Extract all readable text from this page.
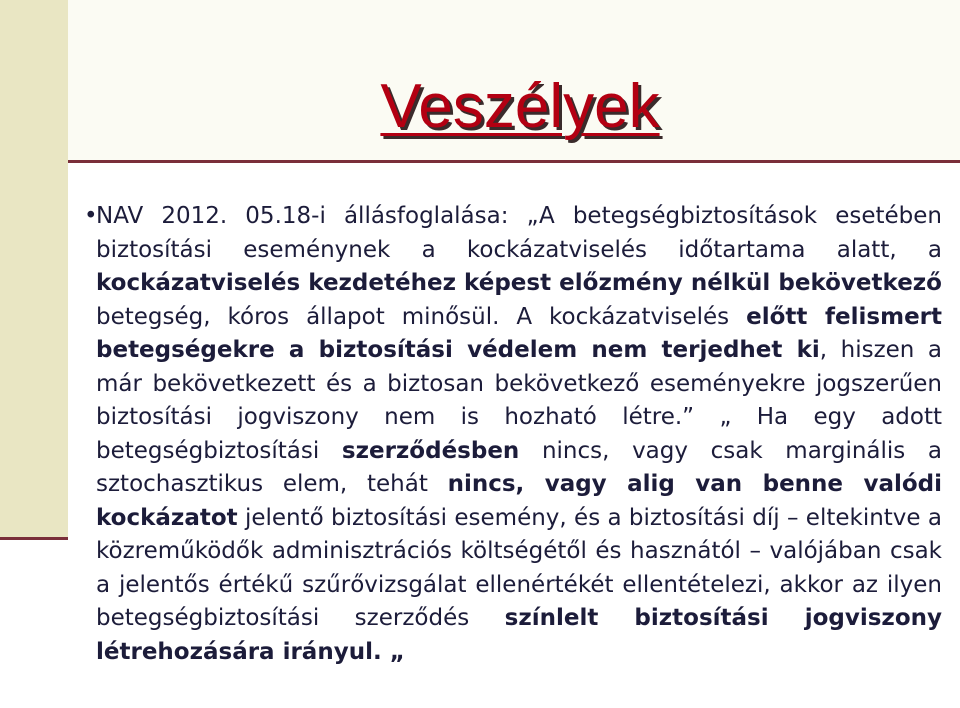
Veszélyek
•

NAV 2012. 05.18-i állásfoglalása: „A betegségbiztosítások esetében biztosítási eseménynek a kockázatviselés időtartama alatt, a kockázatviselés kezdetéhez képest előzmény nélkül bekövetkező betegség, kóros állapot minősül. A kockázatviselés előtt felismert betegségekre a biztosítási védelem nem terjedhet ki, hiszen a már bekövetkezett és a biztosan bekövetkező eseményekre jogszerűen biztosítási jogviszony nem is hozható létre.” „ Ha egy adott betegségbiztosítási szerződésben nincs, vagy csak marginális a sztochasztikus elem, tehát nincs, vagy alig van benne valódi kockázatot jelentő biztosítási esemény, és a biztosítási díj – eltekintve a közreműködők adminisztrációs költségétől és hasznától – valójában csak a jelentős értékű szűrővizsgálat ellenértékét ellentételezi, akkor az ilyen betegségbiztosítási szerződés színlelt biztosítási jogviszony létrehozására irányul. „
